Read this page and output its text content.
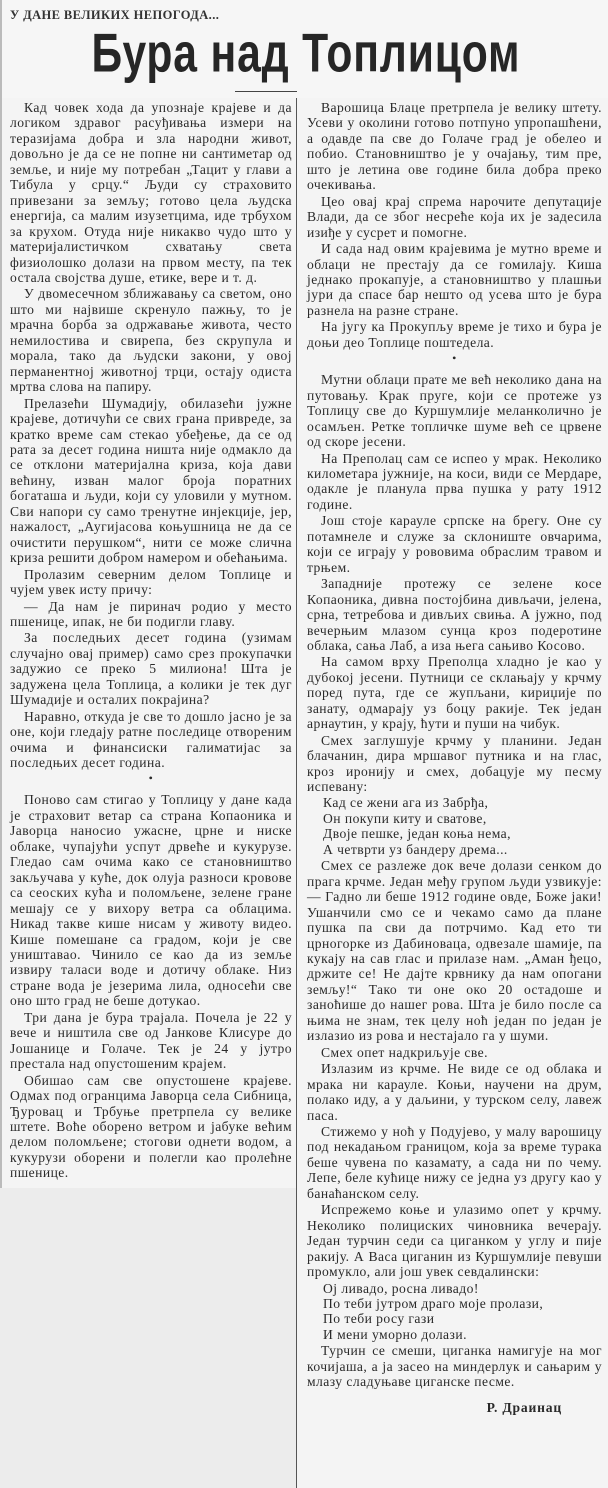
У ДАНЕ ВЕЛИКИХ НЕПОГОДА...
Бура над Топлицом

Кад човек хода да упознаје крајеве и да логиком здравог расуђивања измери на теразијама добра и зла народни живот, довољно је да се не попне ни сантиметар од земље, и није му потребан „Тацит у глави а Тибула у срцу.“ Људи су страховито привезани за земљу; готово цела људска енергија, са малим изузетцима, иде трбухом за крухом. Отуда није никакво чудо што у материјалистичком схватању света физиолошко долази на првом месту, па тек остала својства душе, етике, вере и т. д.

У двомесечном зближавању са светом, оно што ми највише скренуло пажњу, то је мрачна борба за одржавање живота, често немилостива и свирепа, без скрупула и морала, тако да људски закони, у овој перманентној животној трци, остају одиста мртва слова на папиру.

Прелазећи Шумадију, обилазећи јужне крајеве, дотичући се свих грана привреде, за кратко време сам стекао убеђење, да се од рата за десет година ништа није одмакло да се отклони материјална криза, која дави већину, изван малог броја поратних богаташа и људи, који су уловили у мутном. Сви напори су само тренутне инјекције, јер, нажалост, „Аугијасова коњушница не да се очистити перушком“, нити се може слична криза решити добром намером и обећањима.

Пролазим северним делом Топлице и чујем увек исту причу:

— Да нам је пиринач родио у место пшенице, ипак, не би подигли главу.

За последњих десет година (узимам случајно овај пример) само срез прокупачки задужио се преко 5 милиона! Шта је задужена цела Топлица, а колики је тек дуг Шумадије и осталих покрајина?

Наравно, откуда је све то дошло јасно је за оне, који гледају ратне последице отвореним очима и финансиски галиматијас за последњих десет година.

•

Поново сам стигао у Топлицу у дане када је страховит ветар са страна Копаоника и Јаворца наносио ужасне, црне и ниске облаке, чупајући успут дрвеће и кукурузе. Гледао сам очима како се становништво закључава у куће, док олуја разноси кровове са сеоских кућа и поломљене, зелене гране мешају се у вихору ветра са облацима. Никад такве кише нисам у животу видео. Кише помешане са градом, који је све уништавао. Чинило се као да из земље извиру таласи воде и дотичу облаке. Низ стране вода је језерима лила, односећи све оно што град не беше дотукао.

Три дана је бура трајала. Почела је 22 у вече и ништила све од Јанкове Клисуре до Јошанице и Голаче. Тек је 24 у јутро престала над опустошеним крајем.

Обишао сам све опустошене крајеве. Одмах под огранцима Јаворца села Сибница, Ђуровац и Трбуње претрпела су велике штете. Воће оборено ветром и јабуке већим делом поломљене; стогови однети водом, а кукурузи оборени и полегли као пролећне пшенице.

Варошица Блаце претрпела је велику штету. Усеви у околини готово потпуно упропашћени, а одавде па све до Голаче град је обелео и побио. Становништво је у очајању, тим пре, што је летина ове године била добра преко очекивања.

Цео овај крај спрема нарочите депутације Влади, да се због несреће која их је задесила изиђе у сусрет и помогне.

И сада над овим крајевима је мутно време и облаци не престају да се гомилају. Киша једнако прокапује, а становништво у плашњи јури да спасе бар нешто од усева што је бура разнела на разне стране.

На југу ка Прокупљу време је тихо и бура је доњи део Топлице поштедела.

•

Мутни облаци прате ме већ неколико дана на путовању. Крак пруге, који се протеже уз Топлицу све до Куршумлије меланколично је осамљен. Ретке топличке шуме већ се црвене од скоре јесени.

На Преполац сам се испео у мрак. Неколико километара јужније, на коси, види се Мердаре, одакле је планула прва пушка у рату 1912 године.

Још стоје карауле српске на брегу. Оне су потамнеле и служе за склониште овчарима, који се играју у рововима обраслим травом и трњем.

Западније протежу се зелене косе Копаоника, дивна постојбина дивљачи, јелена, срна, тетребова и дивљих свиња. А јужно, под вечерњим млазом сунца кроз подеротине облака, сања Лаб, а иза њега сањиво Косово.

На самом врху Преполца хладно је као у дубокој јесени. Путници се склањају у крчму поред пута, где се жупљани, кириџије по занату, одмарају уз боцу ракије. Тек један арнаутин, у крају, ћути и пуши на чибук.

Смех заглушује крчму у планини. Један блачанин, дира мршавог путника и на глас, кроз иронију и смех, добацује му песму испевану:

Кад се жени ага из Забрђа,
Он покупи киту и сватове,
Двоје пешке, један коња нема,
А четврти уз бандеру дрема...

Смех се разлеже док вече долази сенком до прага крчме. Један међу групом људи узвикује: — Гадно ли беше 1912 године овде, Боже јаки! Ушанчили смо се и чекамо само да плане пушка па сви да потрчимо. Кад ето ти црногорке из Дабиноваца, одвезале шамије, па кукају на сав глас и прилазе нам. „Аман ђецо, држите се! Не дајте крвнику да нам опогани земљу!“ Тако ти оне око 20 остадоше и заноћише до нашег рова. Шта је било после са њима не знам, тек целу ноћ један по један је излазио из рова и нестајало га у шуми.

Смех опет надкриљује све.

Излазим из крчме. Не виде се од облака и мрака ни карауле. Коњи, научени на друм, полако иду, а у даљини, у турском селу, лавеж паса.

Стижемо у ноћ у Подујево, у малу варошицу под некадањом границом, која за време турака беше чувена по казамату, а сада ни по чему. Лепе, беле кућице нижу се једна уз другу као у банаћанском селу.

Испрежемо коње и улазимо опет у крчму. Неколико полициских чиновника вечерају. Један турчин седи са циганком у углу и пије ракију. А Васа циганин из Куршумлије певуши промукло, али још увек севдалински:

Ој ливадо, росна ливадо!
По теби јутром драго моје пролази,
По теби росу гази
И мени уморно долази.

Турчин се смеши, циганка намигује на мог кочијаша, а ја засео на миндерлук и сањарим у млазу сладуњаве циганске песме.

Р. Драинац
